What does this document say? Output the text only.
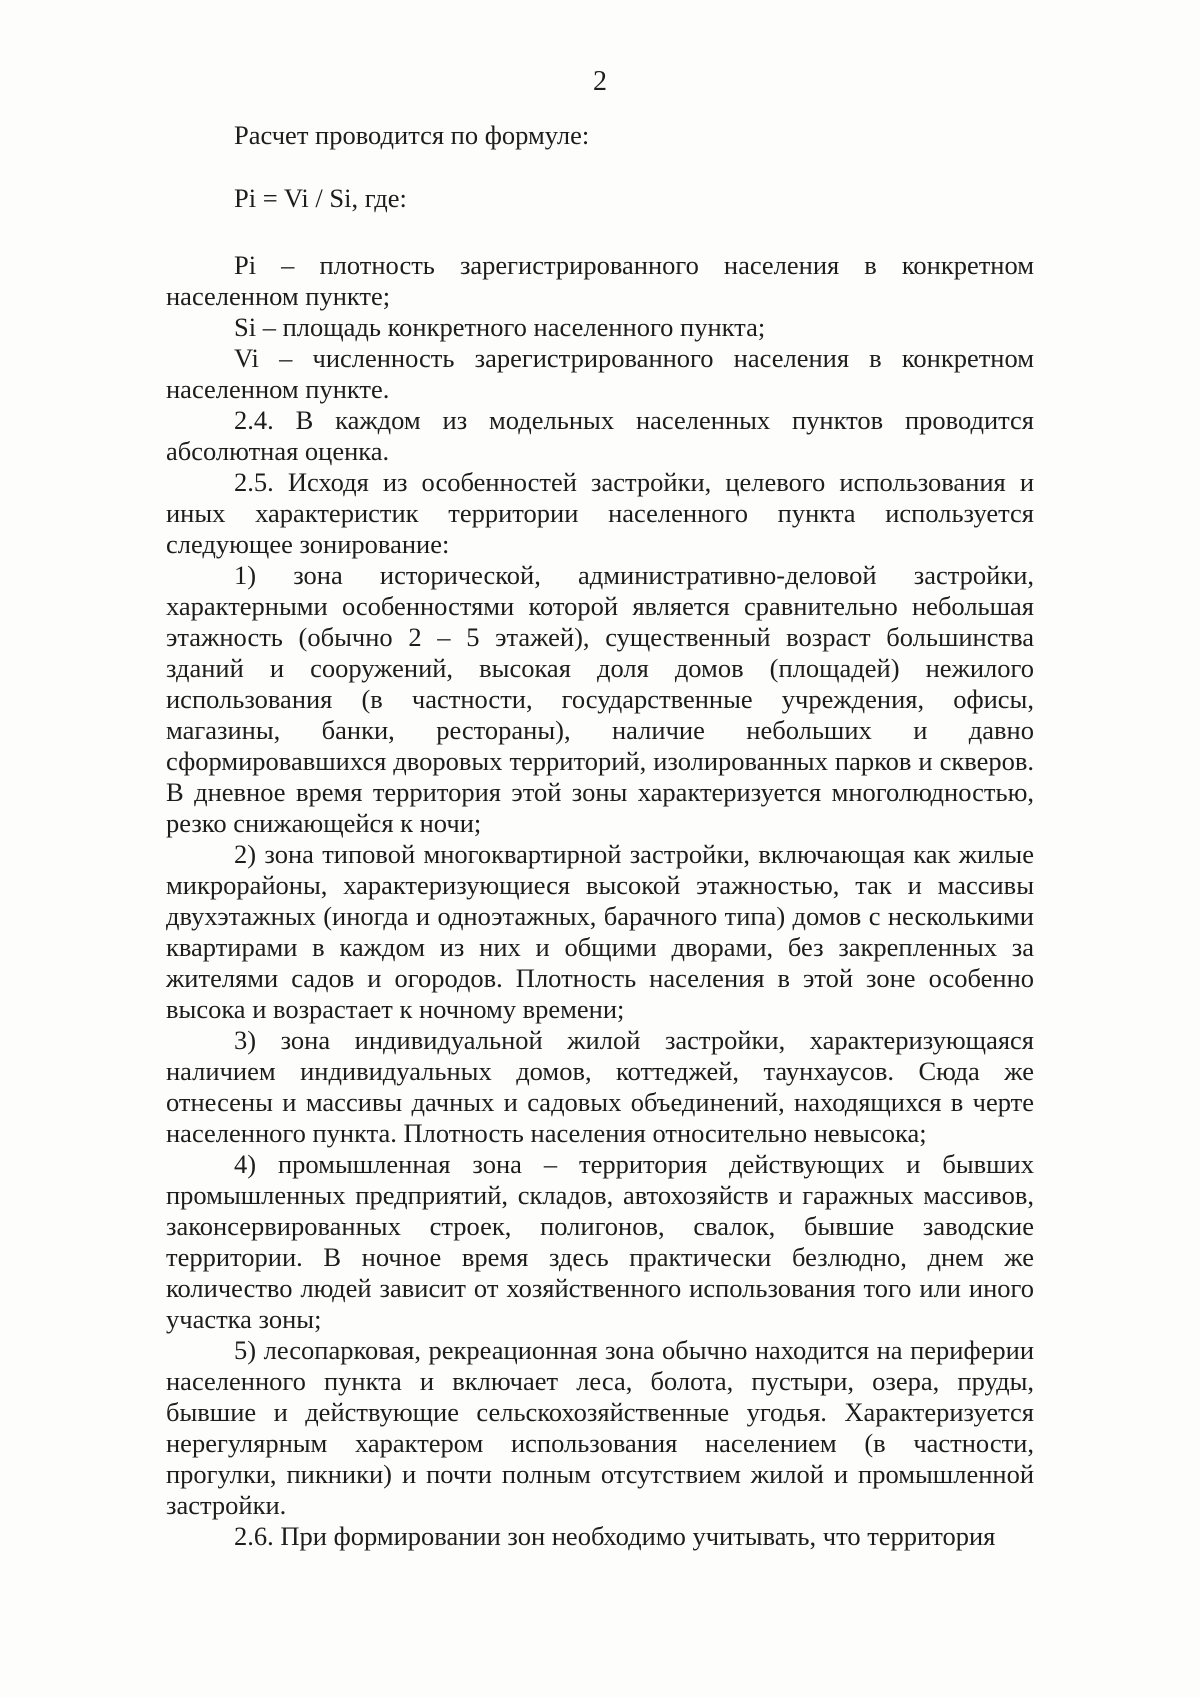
2

Расчет проводится по формуле:

Pi = Vi / Si, где:

Pi – плотность зарегистрированного населения в конкретном населенном пункте;

Si – площадь конкретного населенного пункта;

Vi – численность зарегистрированного населения в конкретном населенном пункте.

2.4. В каждом из модельных населенных пунктов проводится абсолютная оценка.

2.5. Исходя из особенностей застройки, целевого использования и иных характеристик территории населенного пункта используется следующее зонирование:

1) зона исторической, административно-деловой застройки, характерными особенностями которой является сравнительно небольшая этажность (обычно 2 – 5 этажей), существенный возраст большинства зданий и сооружений, высокая доля домов (площадей) нежилого использования (в частности, государственные учреждения, офисы, магазины, банки, рестораны), наличие небольших и давно сформировавшихся дворовых территорий, изолированных парков и скверов. В дневное время территория этой зоны характеризуется многолюдностью, резко снижающейся к ночи;

2) зона типовой многоквартирной застройки, включающая как жилые микрорайоны, характеризующиеся высокой этажностью, так и массивы двухэтажных (иногда и одноэтажных, барачного типа) домов с несколькими квартирами в каждом из них и общими дворами, без закрепленных за жителями садов и огородов. Плотность населения в этой зоне особенно высока и возрастает к ночному времени;

3) зона индивидуальной жилой застройки, характеризующаяся наличием индивидуальных домов, коттеджей, таунхаусов. Сюда же отнесены и массивы дачных и садовых объединений, находящихся в черте населенного пункта. Плотность населения относительно невысока;

4) промышленная зона – территория действующих и бывших промышленных предприятий, складов, автохозяйств и гаражных массивов, законсервированных строек, полигонов, свалок, бывшие заводские территории. В ночное время здесь практически безлюдно, днем же количество людей зависит от хозяйственного использования того или иного участка зоны;

5) лесопарковая, рекреационная зона обычно находится на периферии населенного пункта и включает леса, болота, пустыри, озера, пруды, бывшие и действующие сельскохозяйственные угодья. Характеризуется нерегулярным характером использования населением (в частности, прогулки, пикники) и почти полным отсутствием жилой и промышленной застройки.

2.6. При формировании зон необходимо учитывать, что территория
